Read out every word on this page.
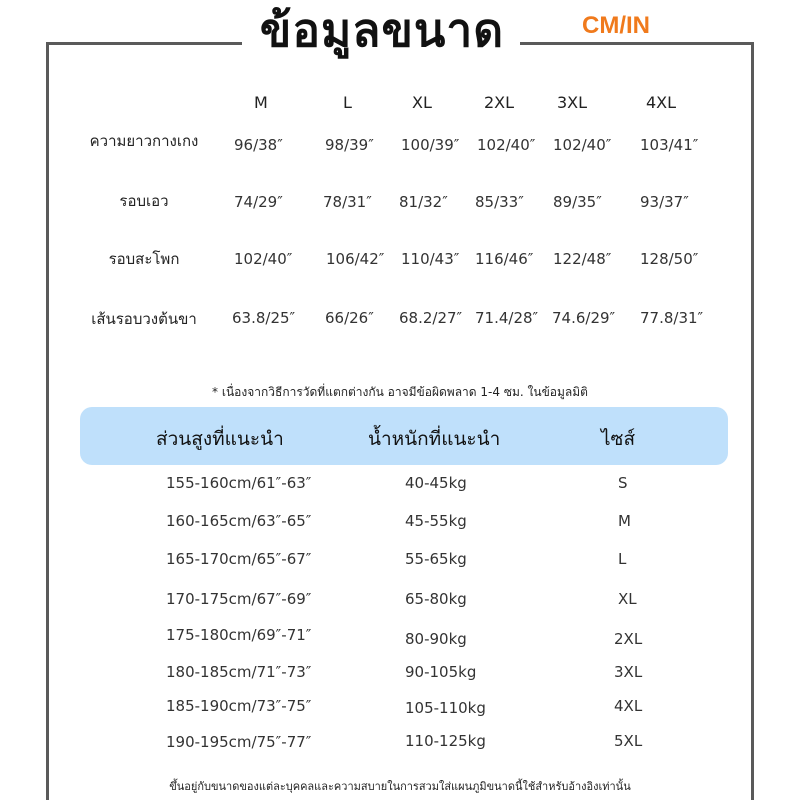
ข้อมูลขนาด	CM/IN
M	L	XL	2XL	3XL	4XL
ความยาวกางเกง	96/38″	98/39″ 100/39″ 102/40″ 102/40″ 103/41″
รอบเอว	74/29″	78/31″ 81/32″ 85/33″ 89/35″	93/37″
รอบสะโพก	102/40″ 106/42″ 110/43″ 116/46″ 122/48″ 128/50″
เส้นรอบวงต้นขา	63.8/25″ 66/26″ 68.2/27″ 71.4/28″ 74.6/29″ 77.8/31″
* เนื่องจากวิธีการวัดที่แตกต่างกัน อาจมีข้อผิดพลาด 1-4 ซม. ในข้อมูลมิติ
ส่วนสูงที่แนะนำ	น้ำหนักที่แนะนำ	ไซส์
155-160cm/61″-63″	40-45kg	S
160-165cm/63″-65″	45-55kg	M
165-170cm/65″-67″	55-65kg	L
170-175cm/67″-69″	65-80kg	XL
175-180cm/69″-71″	80-90kg	2XL
180-185cm/71″-73″	90-105kg	3XL
185-190cm/73″-75″	105-110kg	4XL
190-195cm/75″-77″	110-125kg	5XL
ขึ้นอยู่กับขนาดของแต่ละบุคคลและความสบายในการสวมใส่แผนภูมิขนาดนี้ใช้สำหรับอ้างอิงเท่านั้น
